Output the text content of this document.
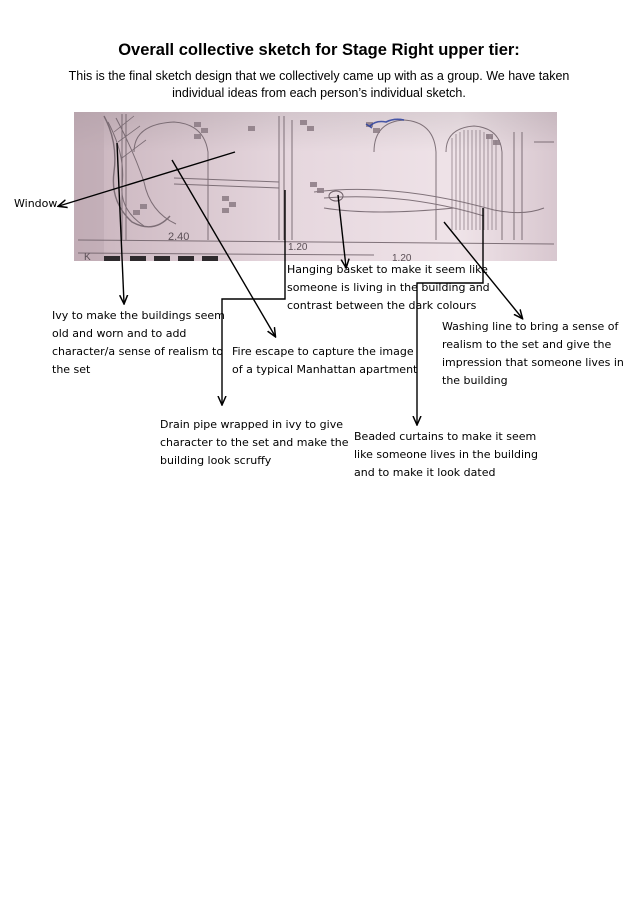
Overall collective sketch for Stage Right upper tier:
This is the final sketch design that we collectively came up with as a group. We have taken
individual ideas from each person’s individual sketch.
2.40
1.20
1.20
K
Window
Ivy to make the buildings seem
old and worn and to add
character/a sense of realism to
the set
Fire escape to capture the image
of a typical Manhattan apartment
Hanging basket to make it seem like
someone is living in the building and
contrast between the dark colours
Washing line to bring a sense of
realism to the set and give the
impression that someone lives in
the building
Drain pipe wrapped in ivy to give
character to the set and make the
building look scruffy
Beaded curtains to make it seem
like someone lives in the building
and to make it look dated
